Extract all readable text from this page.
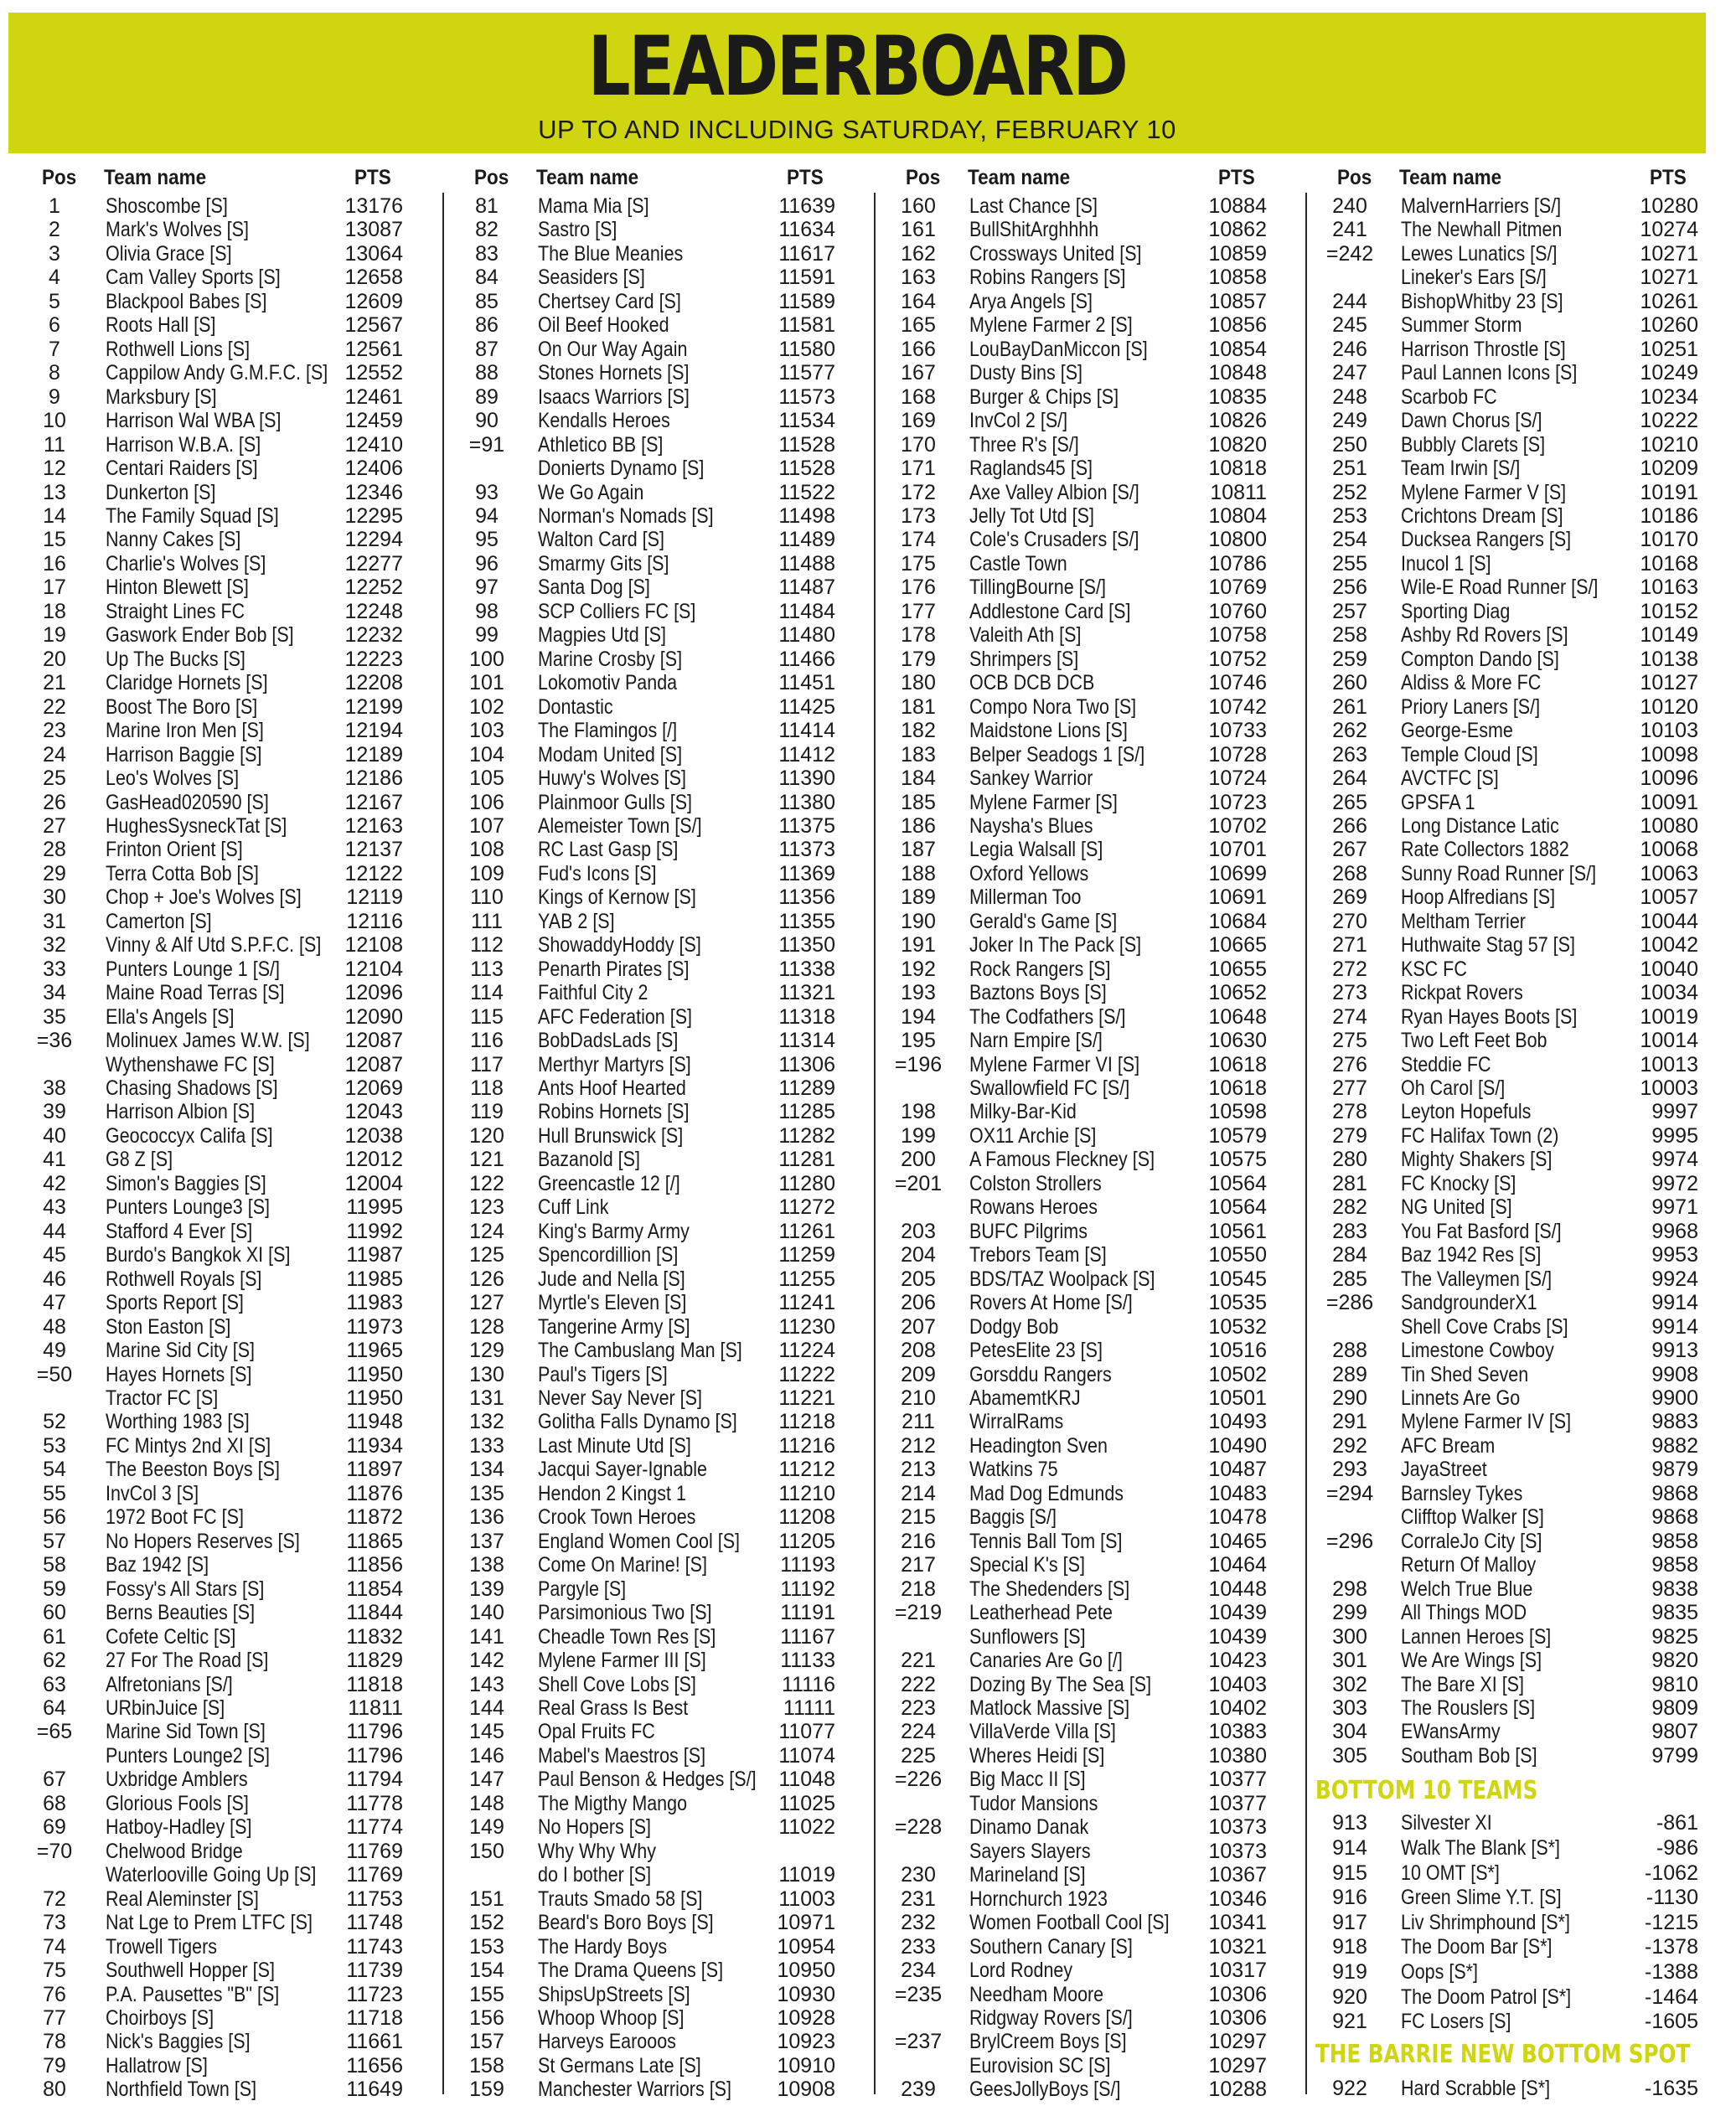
LEADERBOARD
UP TO AND INCLUDING SATURDAY, FEBRUARY 10
Pos Team name	PTS
1	Shoscombe [S]	13176
2	Mark's Wolves [S]	13087
3	Olivia Grace [S]	13064
4	Cam Valley Sports [S]	12658
5	Blackpool Babes [S]	12609
6	Roots Hall [S]	12567
7	Rothwell Lions [S]	12561
8	Cappilow Andy G.M.F.C. [S] 12552
9	Marksbury [S]	12461
10	Harrison Wal WBA [S]	12459
11	Harrison W.B.A. [S]	12410
12	Centari Raiders [S]	12406
13	Dunkerton [S]	12346
14	The Family Squad [S]	12295
15	Nanny Cakes [S]	12294
16	Charlie's Wolves [S]	12277
17	Hinton Blewett [S]	12252
18	Straight Lines FC	12248
19	Gaswork Ender Bob [S]	12232
20	Up The Bucks [S]	12223
21	Claridge Hornets [S]	12208
22	Boost The Boro [S]	12199
23	Marine Iron Men [S]	12194
24	Harrison Baggie [S]	12189
25	Leo's Wolves [S]	12186
26	GasHead020590 [S]	12167
27	HughesSysneckTat [S]	12163
28	Frinton Orient [S]	12137
29	Terra Cotta Bob [S]	12122
30	Chop + Joe's Wolves [S]	12119
31	Camerton [S]	12116
32	Vinny & Alf Utd S.P.F.C. [S]	12108
33	Punters Lounge 1 [S/]	12104
34	Maine Road Terras [S]	12096
35	Ella's Angels [S]	12090
=36	Molinuex James W.W. [S]	12087
Wythenshawe FC [S]	12087
38	Chasing Shadows [S]	12069
39	Harrison Albion [S]	12043
40	Geococcyx Califa [S]	12038
41	G8 Z [S]	12012
42	Simon's Baggies [S]	12004
43	Punters Lounge3 [S]	11995
44	Stafford 4 Ever [S]	11992
45	Burdo's Bangkok XI [S]	11987
46	Rothwell Royals [S]	11985
47	Sports Report [S]	11983
48	Ston Easton [S]	11973
49	Marine Sid City [S]	11965
=50	Hayes Hornets [S]	11950
Tractor FC [S]	11950
52	Worthing 1983 [S]	11948
53	FC Mintys 2nd XI [S]	11934
54	The Beeston Boys [S]	11897
55	InvCol 3 [S]	11876
56	1972 Boot FC [S]	11872
57	No Hopers Reserves [S]	11865
58	Baz 1942 [S]	11856
59	Fossy's All Stars [S]	11854
60	Berns Beauties [S]	11844
61	Cofete Celtic [S]	11832
62	27 For The Road [S]	11829
63	Alfretonians [S/]	11818
64	URbinJuice [S]	11811
=65	Marine Sid Town [S]	11796
Punters Lounge2 [S]	11796
67	Uxbridge Amblers	11794
68	Glorious Fools [S]	11778
69	Hatboy-Hadley [S]	11774
=70	Chelwood Bridge	11769
Waterlooville Going Up [S]	11769
72	Real Aleminster [S]	11753
73	Nat Lge to Prem LTFC [S]	11748
74	Trowell Tigers	11743
75	Southwell Hopper [S]	11739
76	P.A. Pausettes "B" [S]	11723
77	Choirboys [S]	11718
78	Nick's Baggies [S]	11661
79	Hallatrow [S]	11656
80	Northfield Town [S]	11649
Pos Team name	PTS
81	Mama Mia [S]	11639
82	Sastro [S]	11634
83	The Blue Meanies	11617
84	Seasiders [S]	11591
85	Chertsey Card [S]	11589
86	Oil Beef Hooked	11581
87	On Our Way Again	11580
88	Stones Hornets [S]	11577
89	Isaacs Warriors [S]	11573
90	Kendalls Heroes	11534
=91	Athletico BB [S]	11528
Donierts Dynamo [S]	11528
93	We Go Again	11522
94	Norman's Nomads [S]	11498
95	Walton Card [S]	11489
96	Smarmy Gits [S]	11488
97	Santa Dog [S]	11487
98	SCP Colliers FC [S]	11484
99	Magpies Utd [S]	11480
100	Marine Crosby [S]	11466
101	Lokomotiv Panda	11451
102	Dontastic	11425
103	The Flamingos [/]	11414
104	Modam United [S]	11412
105	Huwy's Wolves [S]	11390
106	Plainmoor Gulls [S]	11380
107	Alemeister Town [S/]	11375
108	RC Last Gasp [S]	11373
109	Fud's Icons [S]	11369
110	Kings of Kernow [S]	11356
111	YAB 2 [S]	11355
112	ShowaddyHoddy [S]	11350
113	Penarth Pirates [S]	11338
114	Faithful City 2	11321
115	AFC Federation [S]	11318
116	BobDadsLads [S]	11314
117	Merthyr Martyrs [S]	11306
118	Ants Hoof Hearted	11289
119	Robins Hornets [S]	11285
120	Hull Brunswick [S]	11282
121	Bazanold [S]	11281
122	Greencastle 12 [/]	11280
123	Cuff Link	11272
124	King's Barmy Army	11261
125	Spencordillion [S]	11259
126	Jude and Nella [S]	11255
127	Myrtle's Eleven [S]	11241
128	Tangerine Army [S]	11230
129	The Cambuslang Man [S]	11224
130	Paul's Tigers [S]	11222
131	Never Say Never [S]	11221
132	Golitha Falls Dynamo [S]	11218
133	Last Minute Utd [S]	11216
134	Jacqui Sayer-Ignable	11212
135	Hendon 2 Kingst 1	11210
136	Crook Town Heroes	11208
137	England Women Cool [S]	11205
138	Come On Marine! [S]	11193
139	Pargyle [S]	11192
140	Parsimonious Two [S]	11191
141	Cheadle Town Res [S]	11167
142	Mylene Farmer III [S]	11133
143	Shell Cove Lobs [S]	11116
144	Real Grass Is Best	11111
145	Opal Fruits FC	11077
146	Mabel's Maestros [S]	11074
147	Paul Benson & Hedges [S/]	11048
148	The Migthy Mango	11025
149	No Hopers [S]	11022
150	Why Why Why
do I bother [S]	11019
151	Trauts Smado 58 [S]	11003
152	Beard's Boro Boys [S]	10971
153	The Hardy Boys	10954
154	The Drama Queens [S]	10950
155	ShipsUpStreets [S]	10930
156	Whoop Whoop [S]	10928
157	Harveys Earooos	10923
158	St Germans Late [S]	10910
159	Manchester Warriors [S]	10908
Pos Team name	PTS
160	Last Chance [S]	10884
161	BullShitArghhhh	10862
162	Crossways United [S]	10859
163	Robins Rangers [S]	10858
164	Arya Angels [S]	10857
165	Mylene Farmer 2 [S]	10856
166	LouBayDanMiccon [S]	10854
167	Dusty Bins [S]	10848
168	Burger & Chips [S]	10835
169	InvCol 2 [S/]	10826
170	Three R's [S/]	10820
171	Raglands45 [S]	10818
172	Axe Valley Albion [S/]	10811
173	Jelly Tot Utd [S]	10804
174	Cole's Crusaders [S/]	10800
175	Castle Town	10786
176	TillingBourne [S/]	10769
177	Addlestone Card [S]	10760
178	Valeith Ath [S]	10758
179	Shrimpers [S]	10752
180	OCB DCB DCB	10746
181	Compo Nora Two [S]	10742
182	Maidstone Lions [S]	10733
183	Belper Seadogs 1 [S/]	10728
184	Sankey Warrior	10724
185	Mylene Farmer [S]	10723
186	Naysha's Blues	10702
187	Legia Walsall [S]	10701
188	Oxford Yellows	10699
189	Millerman Too	10691
190	Gerald's Game [S]	10684
191	Joker In The Pack [S]	10665
192	Rock Rangers [S]	10655
193	Baztons Boys [S]	10652
194	The Codfathers [S/]	10648
195	Narn Empire [S/]	10630
=196 Mylene Farmer VI [S]	10618
Swallowfield FC [S/]	10618
198	Milky-Bar-Kid	10598
199	OX11 Archie [S]	10579
200	A Famous Fleckney [S]	10575
=201 Colston Strollers	10564
Rowans Heroes	10564
203	BUFC Pilgrims	10561
204	Trebors Team [S]	10550
205	BDS/TAZ Woolpack [S]	10545
206	Rovers At Home [S/]	10535
207	Dodgy Bob	10532
208	PetesElite 23 [S]	10516
209	Gorsddu Rangers	10502
210	AbamemtKRJ	10501
211	WirralRams	10493
212	Headington Sven	10490
213	Watkins 75	10487
214	Mad Dog Edmunds	10483
215	Baggis [S/]	10478
216	Tennis Ball Tom [S]	10465
217	Special K's [S]	10464
218	The Shedenders [S]	10448
=219 Leatherhead Pete	10439
Sunflowers [S]	10439
221	Canaries Are Go [/]	10423
222	Dozing By The Sea [S]	10403
223	Matlock Massive [S]	10402
224	VillaVerde Villa [S]	10383
225	Wheres Heidi [S]	10380
=226 Big Macc II [S]	10377
Tudor Mansions	10377
=228 Dinamo Danak	10373
Sayers Slayers	10373
230	Marineland [S]	10367
231	Hornchurch 1923	10346
232	Women Football Cool [S]	10341
233	Southern Canary [S]	10321
234	Lord Rodney	10317
=235 Needham Moore	10306
Ridgway Rovers [S/]	10306
=237 BrylCreem Boys [S]	10297
Eurovision SC [S]	10297
239	GeesJollyBoys [S/]	10288
Pos Team name	PTS
240	MalvernHarriers [S/]	10280
241	The Newhall Pitmen	10274
=242 Lewes Lunatics [S/]	10271
Lineker's Ears [S/]	10271
244	BishopWhitby 23 [S]	10261
245	Summer Storm	10260
246	Harrison Throstle [S]	10251
247	Paul Lannen Icons [S]	10249
248	Scarbob FC	10234
249	Dawn Chorus [S/]	10222
250	Bubbly Clarets [S]	10210
251	Team Irwin [S/]	10209
252	Mylene Farmer V [S]	10191
253	Crichtons Dream [S]	10186
254	Ducksea Rangers [S]	10170
255	Inucol 1 [S]	10168
256	Wile-E Road Runner [S/]	10163
257	Sporting Diag	10152
258	Ashby Rd Rovers [S]	10149
259	Compton Dando [S]	10138
260	Aldiss & More FC	10127
261	Priory Laners [S/]	10120
262	George-Esme	10103
263	Temple Cloud [S]	10098
264	AVCTFC [S]	10096
265	GPSFA 1	10091
266	Long Distance Latic	10080
267	Rate Collectors 1882	10068
268	Sunny Road Runner [S/]	10063
269	Hoop Alfredians [S]	10057
270	Meltham Terrier	10044
271	Huthwaite Stag 57 [S]	10042
272	KSC FC	10040
273	Rickpat Rovers	10034
274	Ryan Hayes Boots [S]	10019
275	Two Left Feet Bob	10014
276	Steddie FC	10013
277	Oh Carol [S/]	10003
278	Leyton Hopefuls	9997
279	FC Halifax Town (2)	9995
280	Mighty Shakers [S]	9974
281	FC Knocky [S]	9972
282	NG United [S]	9971
283	You Fat Basford [S/]	9968
284	Baz 1942 Res [S]	9953
285	The Valleymen [S/]	9924
=286 SandgrounderX1	9914
Shell Cove Crabs [S]	9914
288	Limestone Cowboy	9913
289	Tin Shed Seven	9908
290	Linnets Are Go	9900
291	Mylene Farmer IV [S]	9883
292	AFC Bream	9882
293	JayaStreet	9879
=294 Barnsley Tykes	9868
Clifftop Walker [S]	9868
=296 CorraleJo City [S]	9858
Return Of Malloy	9858
298	Welch True Blue	9838
299	All Things MOD	9835
300	Lannen Heroes [S]	9825
301	We Are Wings [S]	9820
302	The Bare XI [S]	9810
303	The Rouslers [S]	9809
304	EWansArmy	9807
305	Southam Bob [S]	9799
BOTTOM 10 TEAMS
913	Silvester XI	-861
914	Walk The Blank [S*]	-986
915	10 OMT [S*]	-1062
916	Green Slime Y.T. [S]	-1130
917	Liv Shrimphound [S*]	-1215
918	The Doom Bar [S*]	-1378
919	Oops [S*]	-1388
920	The Doom Patrol [S*]	-1464
921	FC Losers [S]	-1605
THE BARRIE NEW BOTTOM SPOT
922	Hard Scrabble [S*]	-1635
